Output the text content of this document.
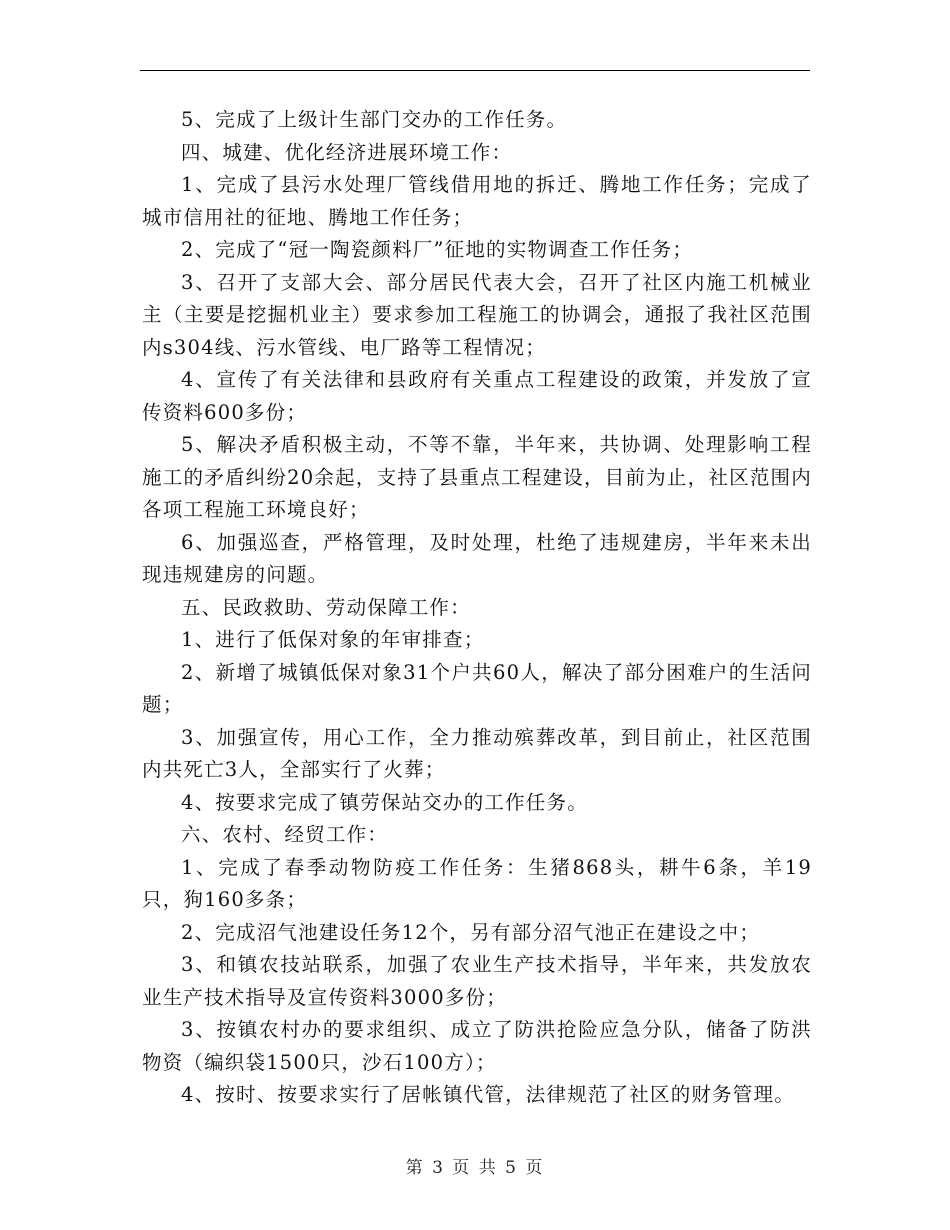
5、完成了上级计生部门交办的工作任务。

四、城建、优化经济进展环境工作：

1、完成了县污水处理厂管线借用地的拆迁、腾地工作任务；完成了城市信用社的征地、腾地工作任务；

2、完成了“冠一陶瓷颜料厂”征地的实物调查工作任务；

3、召开了支部大会、部分居民代表大会，召开了社区内施工机械业主（主要是挖掘机业主）要求参加工程施工的协调会，通报了我社区范围内s304线、污水管线、电厂路等工程情况；

4、宣传了有关法律和县政府有关重点工程建设的政策，并发放了宣传资料600多份；

5、解决矛盾积极主动，不等不靠，半年来，共协调、处理影响工程施工的矛盾纠纷20余起，支持了县重点工程建设，目前为止，社区范围内各项工程施工环境良好；

6、加强巡查，严格管理，及时处理，杜绝了违规建房，半年来未出现违规建房的问题。

五、民政救助、劳动保障工作：

1、进行了低保对象的年审排查；

2、新增了城镇低保对象31个户共60人，解决了部分困难户的生活问题；

3、加强宣传，用心工作，全力推动殡葬改革，到目前止，社区范围内共死亡3人，全部实行了火葬；

4、按要求完成了镇劳保站交办的工作任务。

六、农村、经贸工作：

1、完成了春季动物防疫工作任务：生猪868头，耕牛6条，羊19只，狗160多条；

2、完成沼气池建设任务12个，另有部分沼气池正在建设之中；

3、和镇农技站联系，加强了农业生产技术指导，半年来，共发放农业生产技术指导及宣传资料3000多份；

3、按镇农村办的要求组织、成立了防洪抢险应急分队，储备了防洪物资（编织袋1500只，沙石100方）；

4、按时、按要求实行了居帐镇代管，法律规范了社区的财务管理。

第 3 页 共 5 页
